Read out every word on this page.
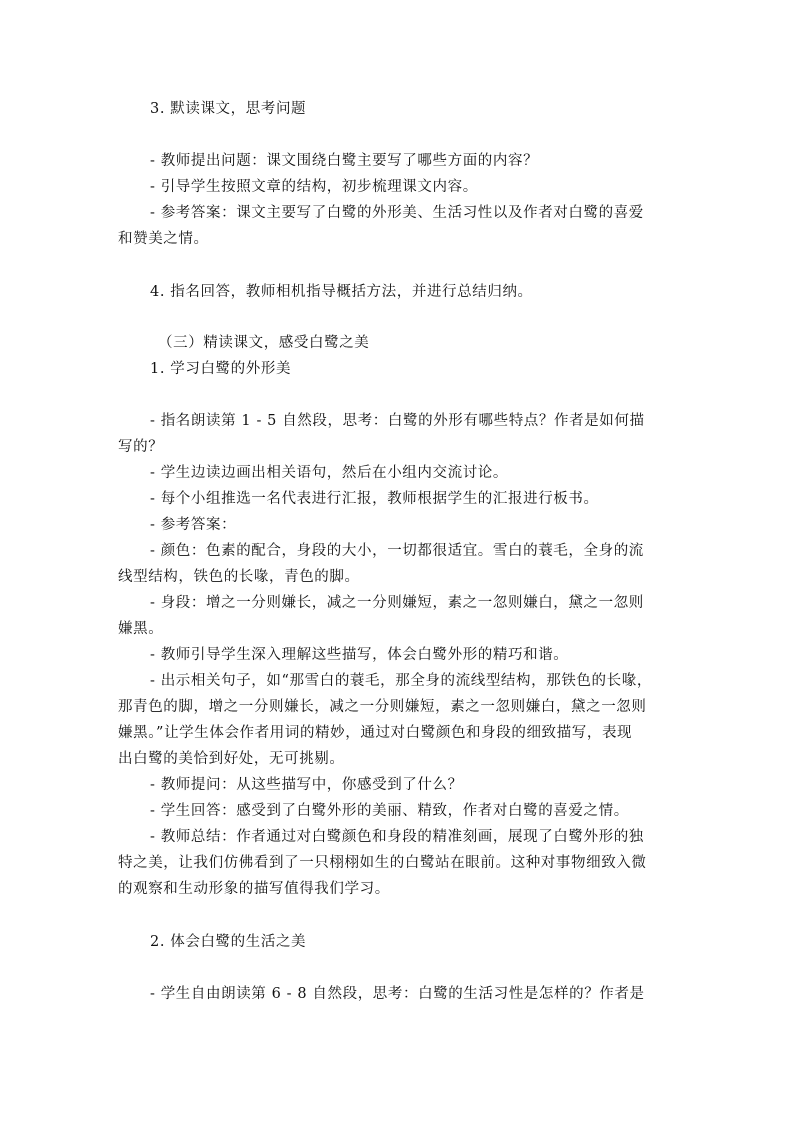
3. 默读课文，思考问题
- 教师提出问题：课文围绕白鹭主要写了哪些方面的内容？
- 引导学生按照文章的结构，初步梳理课文内容。
- 参考答案：课文主要写了白鹭的外形美、生活习性以及作者对白鹭的喜爱
和赞美之情。
4. 指名回答，教师相机指导概括方法，并进行总结归纳。
（三）精读课文，感受白鹭之美
1. 学习白鹭的外形美
- 指名朗读第 1 - 5 自然段，思考：白鹭的外形有哪些特点？作者是如何描
写的？
- 学生边读边画出相关语句，然后在小组内交流讨论。
- 每个小组推选一名代表进行汇报，教师根据学生的汇报进行板书。
- 参考答案：
- 颜色：色素的配合，身段的大小，一切都很适宜。雪白的蓑毛，全身的流
线型结构，铁色的长喙，青色的脚。
- 身段：增之一分则嫌长，减之一分则嫌短，素之一忽则嫌白，黛之一忽则
嫌黑。
- 教师引导学生深入理解这些描写，体会白鹭外形的精巧和谐。
- 出示相关句子，如“那雪白的蓑毛，那全身的流线型结构，那铁色的长喙，
那青色的脚，增之一分则嫌长，减之一分则嫌短，素之一忽则嫌白，黛之一忽则
嫌黑。”让学生体会作者用词的精妙，通过对白鹭颜色和身段的细致描写，表现
出白鹭的美恰到好处，无可挑剔。
- 教师提问：从这些描写中，你感受到了什么？
- 学生回答：感受到了白鹭外形的美丽、精致，作者对白鹭的喜爱之情。
- 教师总结：作者通过对白鹭颜色和身段的精准刻画，展现了白鹭外形的独
特之美，让我们仿佛看到了一只栩栩如生的白鹭站在眼前。这种对事物细致入微
的观察和生动形象的描写值得我们学习。
2. 体会白鹭的生活之美
- 学生自由朗读第 6 - 8 自然段，思考：白鹭的生活习性是怎样的？作者是
